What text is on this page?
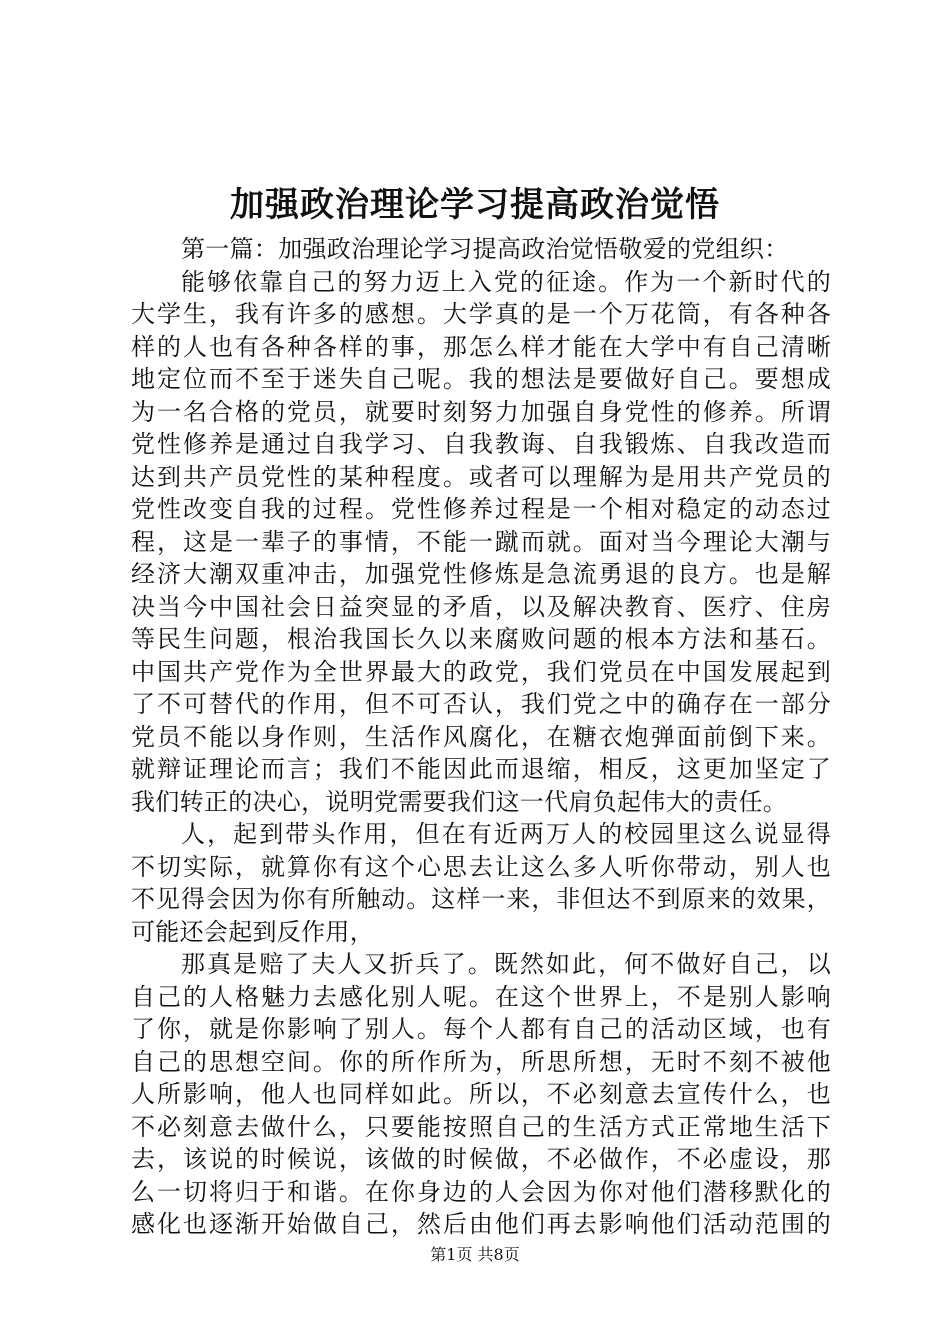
加强政治理论学习提高政治觉悟
第一篇：加强政治理论学习提高政治觉悟敬爱的党组织：
能够依靠自己的努力迈上入党的征途。作为一个新时代的
大学生，我有许多的感想。大学真的是一个万花筒，有各种各
样的人也有各种各样的事，那怎么样才能在大学中有自己清晰
地定位而不至于迷失自己呢。我的想法是要做好自己。要想成
为一名合格的党员，就要时刻努力加强自身党性的修养。所谓
党性修养是通过自我学习、自我教诲、自我锻炼、自我改造而
达到共产员党性的某种程度。或者可以理解为是用共产党员的
党性改变自我的过程。党性修养过程是一个相对稳定的动态过
程，这是一辈子的事情，不能一蹴而就。面对当今理论大潮与
经济大潮双重冲击，加强党性修炼是急流勇退的良方。也是解
决当今中国社会日益突显的矛盾，以及解决教育、医疗、住房
等民生问题，根治我国长久以来腐败问题的根本方法和基石。
中国共产党作为全世界最大的政党，我们党员在中国发展起到
了不可替代的作用，但不可否认，我们党之中的确存在一部分
党员不能以身作则，生活作风腐化，在糖衣炮弹面前倒下来。
就辩证理论而言；我们不能因此而退缩，相反，这更加坚定了
我们转正的决心，说明党需要我们这一代肩负起伟大的责任。
人，起到带头作用，但在有近两万人的校园里这么说显得
不切实际，就算你有这个心思去让这么多人听你带动，别人也
不见得会因为你有所触动。这样一来，非但达不到原来的效果，
可能还会起到反作用，
那真是赔了夫人又折兵了。既然如此，何不做好自己，以
自己的人格魅力去感化别人呢。在这个世界上，不是别人影响
了你，就是你影响了别人。每个人都有自己的活动区域，也有
自己的思想空间。你的所作所为，所思所想，无时不刻不被他
人所影响，他人也同样如此。所以，不必刻意去宣传什么，也
不必刻意去做什么，只要能按照自己的生活方式正常地生活下
去，该说的时候说，该做的时候做，不必做作，不必虚设，那
么一切将归于和谐。在你身边的人会因为你对他们潜移默化的
感化也逐渐开始做自己，然后由他们再去影响他们活动范围的
第1页 共8页
